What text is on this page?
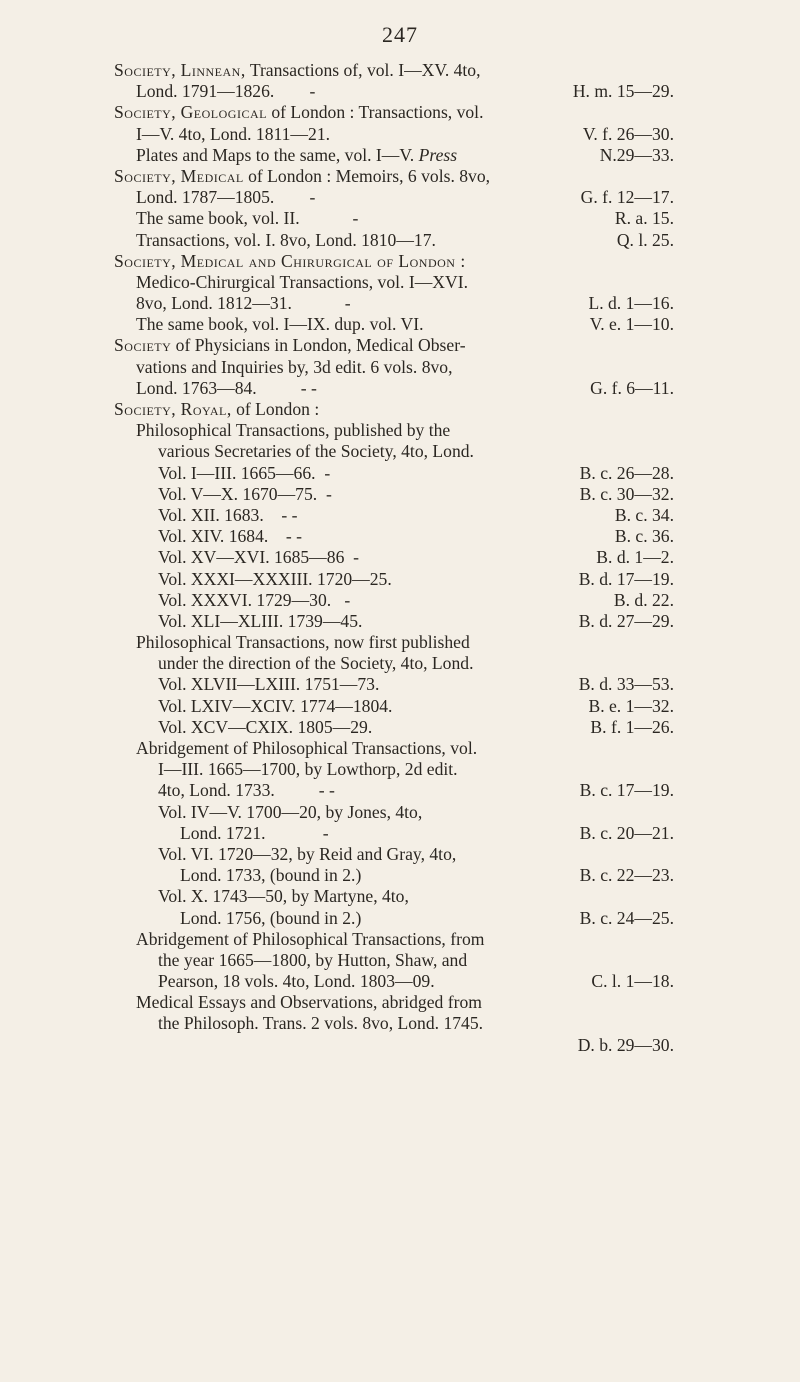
247
Society, Linnean, Transactions of, vol. I—XV. 4to,
Lond. 1791—1826. -	H. m. 15—29.
Society, Geological of London : Transactions, vol.
I—V. 4to, Lond. 1811—21.	V. f. 26—30.
Plates and Maps to the same, vol. I—V. Press	N.29—33.
Society, Medical of London : Memoirs, 6 vols. 8vo,
Lond. 1787—1805. -	G. f. 12—17.
The same book, vol. II.	-	R. a. 15.
Transactions, vol. I. 8vo, Lond. 1810—17.	Q. l. 25.
Society, Medical and Chirurgical of London :
Medico-Chirurgical Transactions, vol. I—XVI.
8vo, Lond. 1812—31.	-	L. d. 1—16.
The same book, vol. I—IX. dup. vol. VI.	V. e. 1—10.
Society of Physicians in London, Medical Obser-
vations and Inquiries by, 3d edit. 6 vols. 8vo,
Lond. 1763—84. - -	G. f. 6—11.
Society, Royal, of London :
Philosophical Transactions, published by the
various Secretaries of the Society, 4to, Lond.
Vol. I—III. 1665—66. -	B. c. 26—28.
Vol. V—X. 1670—75. -	B. c. 30—32.
Vol. XII. 1683. - -	B. c. 34.
Vol. XIV. 1684. - -	B. c. 36.
Vol. XV—XVI. 1685—86 -	B. d. 1—2.
Vol. XXXI—XXXIII. 1720—25.	B. d. 17—19.
Vol. XXXVI. 1729—30. -	B. d. 22.
Vol. XLI—XLIII. 1739—45.	B. d. 27—29.
Philosophical Transactions, now first published
under the direction of the Society, 4to, Lond.
Vol. XLVII—LXIII. 1751—73.	B. d. 33—53.
Vol. LXIV—XCIV. 1774—1804.	B. e. 1—32.
Vol. XCV—CXIX. 1805—29.	B. f. 1—26.
Abridgement of Philosophical Transactions, vol.
I—III. 1665—1700, by Lowthorp, 2d edit.
4to, Lond. 1733. - -	B. c. 17—19.
Vol. IV—V. 1700—20, by Jones, 4to,
Lond. 1721.	-	B. c. 20—21.
Vol. VI. 1720—32, by Reid and Gray, 4to,
Lond. 1733, (bound in 2.)	B. c. 22—23.
Vol. X. 1743—50, by Martyne, 4to,
Lond. 1756, (bound in 2.)	B. c. 24—25.
Abridgement of Philosophical Transactions, from
the year 1665—1800, by Hutton, Shaw, and
Pearson, 18 vols. 4to, Lond. 1803—09.	C. l. 1—18.
Medical Essays and Observations, abridged from
the Philosoph. Trans. 2 vols. 8vo, Lond. 1745.
D. b. 29—30.
